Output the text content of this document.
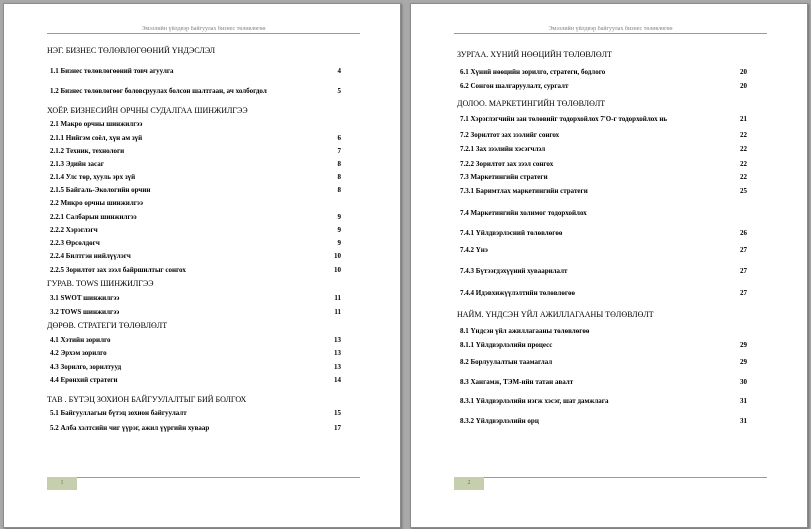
Эмээлийн үйлдвэр байгуулах бизнес төлөвлөгөө
НЭГ. БИЗНЕС ТӨЛӨВЛӨГӨӨНИЙ ҮНДЭСЛЭЛ
1.1 Бизнес төлөвлөгөөний товч агуулга	4
1.2 Бизнес төлөвлөгөөг боловсруулах болсон шалтгаан, ач холбогдол	5
ХОЁР. БИЗНЕСИЙН ОРЧНЫ СУДАЛГАА ШИНЖИЛГЭЭ
2.1 Макро орчны шинжилгээ
2.1.1 Нийгэм соёл, хүн ам зүй	6
2.1.2 Техник, технологи	7
2.1.3 Эдийн засаг	8
2.1.4 Улс төр, хууль эрх зүй	8
2.1.5 Байгаль-Экологийн орчин	8
2.2 Микро орчны шинжилгээ
2.2.1 Салбарын шинжилгээ	9
2.2.2 Хэрэглэгч	9
2.2.3 Өрсөлдөгч	9
2.2.4 Билтгэн нийлүүлэгч	10
2.2.5 Зорилтот зах зээл байршилтыг сонгох	10
ГУРАВ. TOWS ШИНЖИЛГЭЭ
3.1 SWOT шинжилгээ	11
3.2 TOWS шинжилгээ	11
ДӨРӨВ. СТРАТЕГИ ТӨЛӨВЛӨЛТ
4.1 Хэтийн зорилго	13
4.2 Эрхэм зорилго	13
4.3 Зорилго, зорилтууд	13
4.4 Ерөнхий стратеги	14
ТАВ . БҮТЭЦ ЗОХИОН БАЙГУУЛАЛТЫГ БИЙ БОЛГОХ
5.1 Байгууллагын бүтэц зохион байгуулалт	15
5.2 Алба хэлтсийн чиг үүрэг, ажил үүргийн хуваар	17
1
Эмээлийн үйлдвэр байгуулах бизнес төлөвлөгөө
ЗУРГАА. ХҮНИЙ НӨӨЦИЙН ТӨЛӨВЛӨЛТ
6.1 Хүний нөөцийн зорилго, стратеги, бодлого	20
6.2 Сонгон шалгаруулалт, сургалт	20
ДОЛОО. МАРКЕТИНГИЙН ТӨЛӨВЛӨЛТ
7.1 Хэрэглэгчийн зан төлөвийг тодорхойлох 7'О-г тодорхойлох нь	21
7.2 Зорилтот зах зээлийг сонгох	22
7.2.1 Зах зээлийн хэсэгчлэл	22
7.2.2 Зорилтот зах зээл сонгох	22
7.3 Маркетингийн стратеги	22
7.3.1 Баримтлах маркетингийн стратеги	25
7.4 Маркетингийн холимог тодорхойлох
7.4.1 Үйлдвэрлэсний төлөвлөгөө	26
7.4.2 Үнэ	27
7.4.3 Бүтээгдэхүүний хуваарилалт	27
7.4.4 Идэвхижүүлэлтийн төлөвлөгөө	27
НАЙМ. ҮНДСЭН ҮЙЛ АЖИЛЛАГААНЫ ТӨЛӨВЛӨЛТ
8.1 Үндсэн үйл ажиллагааны төлөвлөгөө
8.1.1 Үйлдвэрлэлийн процесс	29
8.2 Борлуулалтын таамаглал	29
8.3 Хангамж, ТЭМ-ийн татан авалт	30
8.3.1 Үйлдвэрлэлийн нэгж хэсэг, шат дамжлага	31
8.3.2 Үйлдвэрлэлийн орц	31
2
